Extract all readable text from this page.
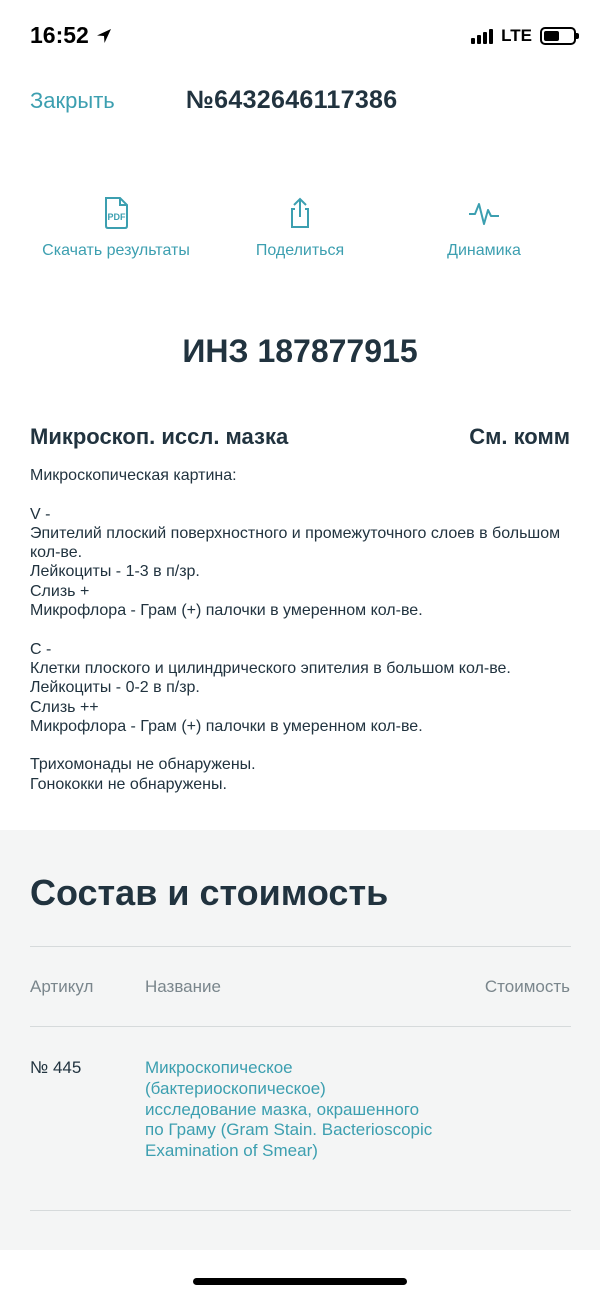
16:52	LTE
Закрыть	№6432646117386
PDF
Скачать результаты	Поделиться	Динамика
ИНЗ 187877915
Микроскоп. иссл. мазка	См. комм
Микроскопическая картина:

V -
Эпителий плоский поверхностного и промежуточного слоев в большом кол-ве.
Лейкоциты - 1-3 в п/зр.
Слизь +
Микрофлора - Грам (+) палочки в умеренном кол-ве.

C -
Клетки плоского и цилиндрического эпителия в большом кол-ве.
Лейкоциты - 0-2 в п/зр.
Слизь ++
Микрофлора - Грам (+) палочки в умеренном кол-ве.

Трихомонады не обнаружены.
Гонококки не обнаружены.
Состав и стоимость
Артикул	Название	Стоимость
№ 445	Микроскопическое (бактериоскопическое) исследование мазка, окрашенного по Граму (Gram Stain. Bacterioscopic Examination of Smear)
